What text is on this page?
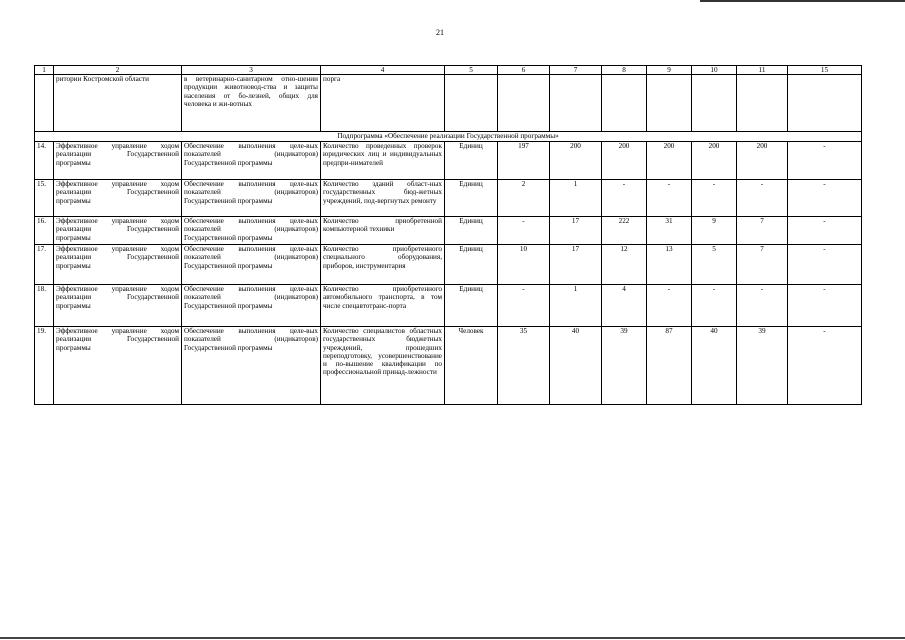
21
1	2	3	4	5	6	7	8	9	10	11	15
	ритории Костромской области	в ветеринарно-санитарном отно-шении продукции животновод-ства и защиты населения от бо-лезней, общих для человека и жи-вотных	порга								
Подпрограмма «Обеспечение реализации Государственной программы»											
14.	Эффективное управление ходом реализации Государственной программы	Обеспечение выполнения целе-вых показателей (индикаторов) Государственной программы	Количество проведенных проверок юридических лиц и индивидуальных предпри-нимателей	Единиц	197	200	200	200	200	200	-
15.	Эффективное управление ходом реализации Государственной программы	Обеспечение выполнения целе-вых показателей (индикаторов) Государственной программы	Количество зданий област-ных государственных бюд-жетных учреждений, под-вергнутых ремонту	Единиц	2	1	-	-	-	-	-
16.	Эффективное управление ходом реализации Государственной программы	Обеспечение выполнения целе-вых показателей (индикаторов) Государственной программы	Количество приобретенной компьютерной техники	Единиц	-	17	222	31	9	7	-
17.	Эффективное управление ходом реализации Государственной программы	Обеспечение выполнения целе-вых показателей (индикаторов) Государственной программы	Количество приобретенного специального оборудования, приборов, инструментария	Единиц	10	17	12	13	5	7	-
18.	Эффективное управление ходом реализации Государственной программы	Обеспечение выполнения целе-вых показателей (индикаторов) Государственной программы	Количество приобретенного автомобильного транспорта, в том числе спецавтотранс-порта	Единиц	-	1	4	-	-	-	-
19.	Эффективное управление ходом реализации Государственной программы	Обеспечение выполнения целе-вых показателей (индикаторов) Государственной программы	Количество специалистов областных государственных бюджетных учреждений, прошедших переподготовку, усовершенствование и по-вышение квалификации по профессиональной принад-лежности	Человек	35	40	39	87	40	39	-
